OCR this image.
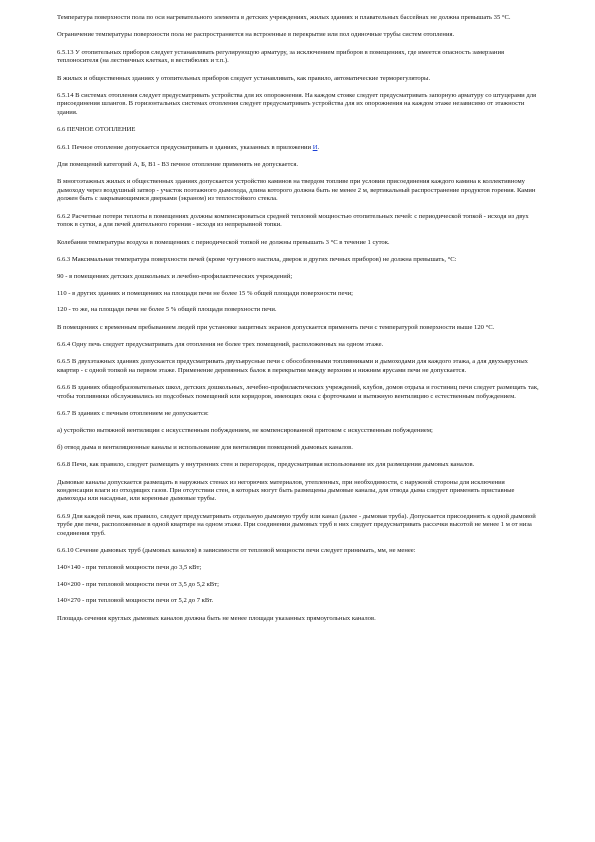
Температура поверхности пола по оси нагревательного элемента в детских учреждениях, жилых зданиях и плавательных бассейнах не должна превышать 35 °С.

Ограничение температуры поверхности пола не распространяется на встроенные в перекрытие или пол одиночные трубы систем отопления.

6.5.13 У отопительных приборов следует устанавливать регулирующую арматуру, за исключением приборов в помещениях, где имеется опасность замерзания теплоносителя (на лестничных клетках, в вестибюлях и т.п.).

В жилых и общественных зданиях у отопительных приборов следует устанавливать, как правило, автоматические терморегуляторы.

6.5.14 В системах отопления следует предусматривать устройства для их опорожнения. На каждом стояке следует предусматривать запорную арматуру со штуцерами для присоединения шлангов. В горизонтальных системах отопления следует предусматривать устройства для их опорожнения на каждом этаже независимо от этажности здания.

6.6 ПЕЧНОЕ ОТОПЛЕНИЕ

6.6.1 Печное отопление допускается предусматривать в зданиях, указанных в приложении И.

Для помещений категорий А, Б, В1 - В3 печное отопление применять не допускается.

В многоэтажных жилых и общественных зданиях допускается устройство каминов на твердом топливе при условии присоединения каждого камина к коллективному дымоходу через воздушный затвор - участок поэтажного дымохода, длина которого должна быть не менее 2 м, вертикальный распространение продуктов горения. Камин должен быть с закрывающимися дверками (экраном) из теплостойкого стекла.

6.6.2 Расчетные потери теплоты в помещениях должны компенсироваться средней тепловой мощностью отопительных печей: с периодической топкой - исходя из двух топок в сутки, а для печей длительного горения - исходя из непрерывной топки.

Колебания температуры воздуха в помещениях с периодической топкой не должны превышать 3 °С в течение 1 суток.

6.6.3 Максимальная температура поверхности печей (кроме чугунного настила, дверок и других печных приборов) не должна превышать, °С:

90 - в помещениях детских дошкольных и лечебно-профилактических учреждений;

110 - в других зданиях и помещениях на площади печи не более 15 % общей площади поверхности печи;

120 - то же, на площади печи не более 5 % общей площади поверхности печи.

В помещениях с временным пребыванием людей при установке защитных экранов допускается применять печи с температурой поверхности выше 120 °С.

6.6.4 Одну печь следует предусматривать для отопления не более трех помещений, расположенных на одном этаже.

6.6.5 В двухэтажных зданиях допускается предусматривать двухъярусные печи с обособленными топливниками и дымоходами для каждого этажа, а для двухъярусных квартир - с одной топкой на первом этаже. Применение деревянных балок в перекрытии между верхним и нижним ярусами печи не допускается.

6.6.6 В зданиях общеобразовательных школ, детских дошкольных, лечебно-профилактических учреждений, клубов, домов отдыха и гостиниц печи следует размещать так, чтобы топливники обслуживались из подсобных помещений или коридоров, имеющих окна с форточками и вытяжную вентиляцию с естественным побуждением.

6.6.7 В зданиях с печным отоплением не допускается:

а) устройство вытяжной вентиляции с искусственным побуждением, не компенсированной притоком с искусственным побуждением;

б) отвод дыма в вентиляционные каналы и использование для вентиляции помещений дымовых каналов.

6.6.8 Печи, как правило, следует размещать у внутренних стен и перегородок, предусматривая использование их для размещения дымовых каналов.

Дымовые каналы допускается размещать в наружных стенах из негорючих материалов, утепленных, при необходимости, с наружной стороны для исключения конденсации влаги из отходящих газов. При отсутствии стен, в которых могут быть размещены дымовые каналы, для отвода дыма следует применять приставные дымоходы или насадные, или коренные дымовые трубы.

6.6.9 Для каждой печи, как правило, следует предусматривать отдельную дымовую трубу или канал (далее - дымовая труба). Допускается присоединять к одной дымовой трубе две печи, расположенные в одной квартире на одном этаже. При соединении дымовых труб в них следует предусматривать рассечки высотой не менее 1 м от низа соединения труб.

6.6.10 Сечение дымовых труб (дымовых каналов) в зависимости от тепловой мощности печи следует принимать, мм, не менее:

140×140 - при тепловой мощности печи до 3,5 кВт;

140×200 - при тепловой мощности печи от 3,5 до 5,2 кВт;

140×270 - при тепловой мощности печи от 5,2 до 7 кВт.

Площадь сечения круглых дымовых каналов должна быть не менее площади указанных прямоугольных каналов.
